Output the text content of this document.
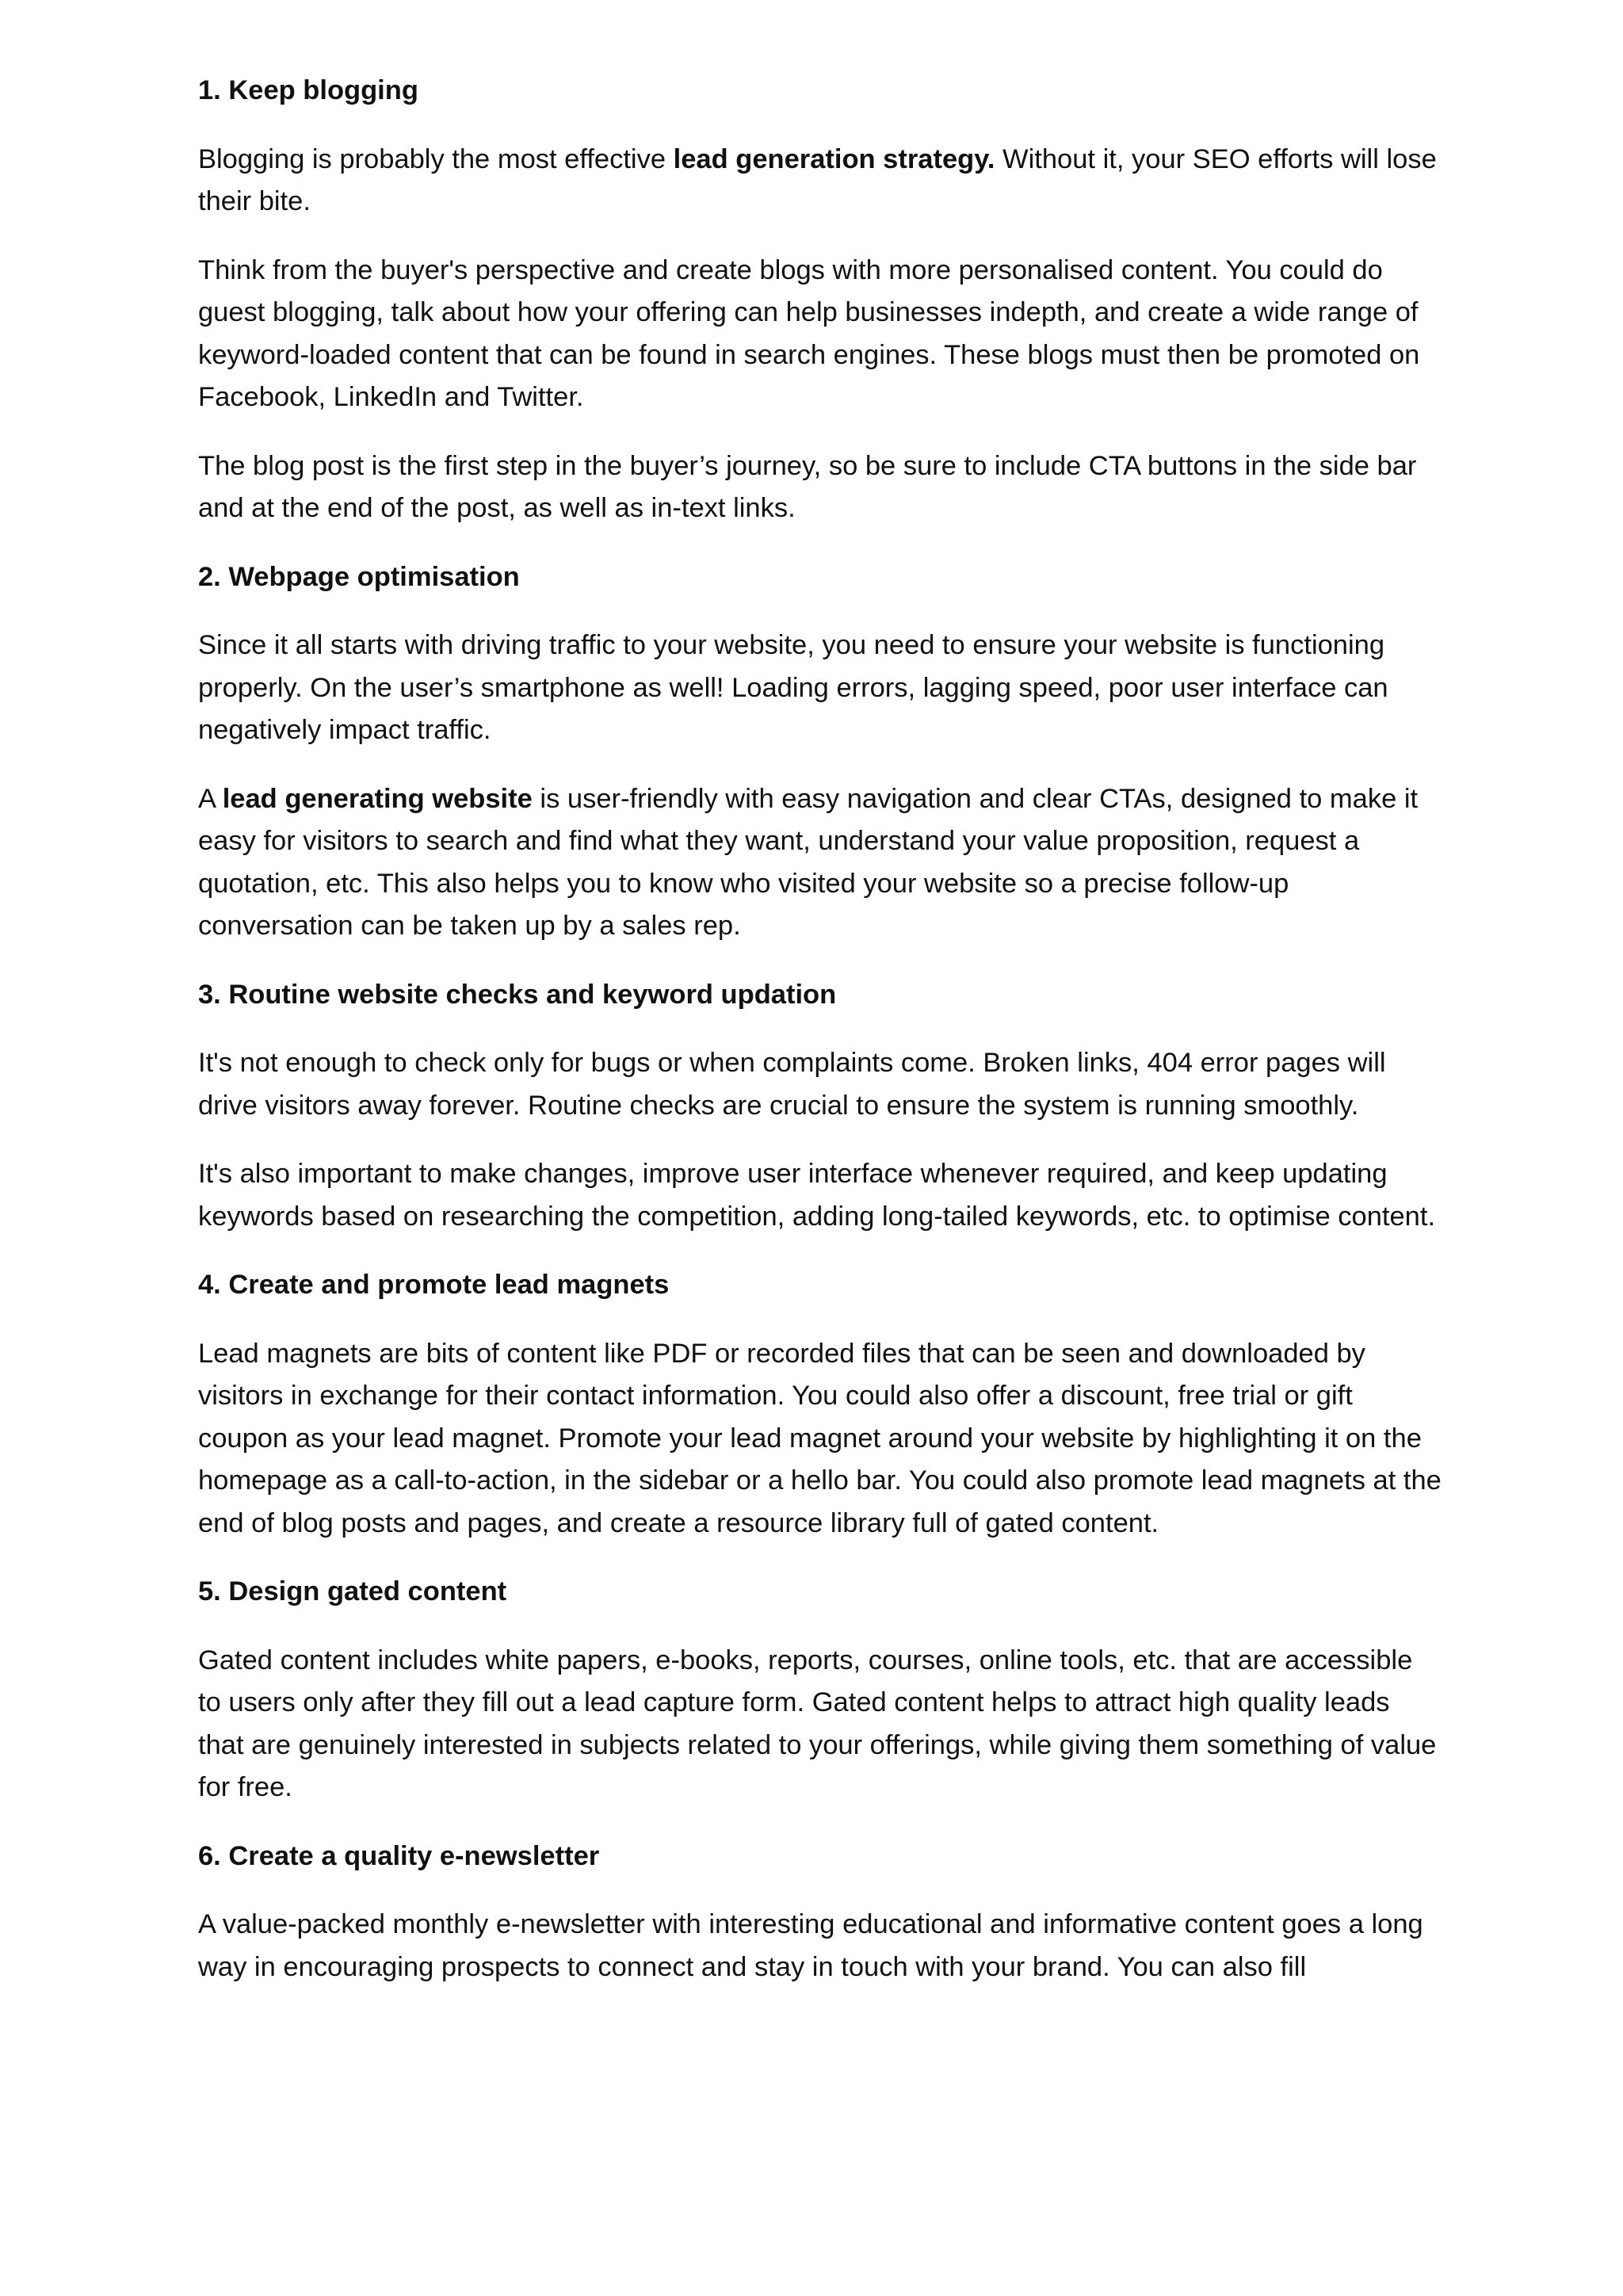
1. Keep blogging

Blogging is probably the most effective lead generation strategy. Without it, your SEO efforts will lose their bite.

Think from the buyer's perspective and create blogs with more personalised content. You could do guest blogging, talk about how your offering can help businesses indepth, and create a wide range of keyword-loaded content that can be found in search engines. These blogs must then be promoted on Facebook, LinkedIn and Twitter.

The blog post is the first step in the buyer’s journey, so be sure to include CTA buttons in the side bar and at the end of the post, as well as in-text links.

2. Webpage optimisation

Since it all starts with driving traffic to your website, you need to ensure your website is functioning properly. On the user’s smartphone as well! Loading errors, lagging speed, poor user interface can negatively impact traffic.

A lead generating website is user-friendly with easy navigation and clear CTAs, designed to make it easy for visitors to search and find what they want, understand your value proposition, request a quotation, etc. This also helps you to know who visited your website so a precise follow-up conversation can be taken up by a sales rep.

3. Routine website checks and keyword updation

It's not enough to check only for bugs or when complaints come. Broken links, 404 error pages will drive visitors away forever. Routine checks are crucial to ensure the system is running smoothly.

It's also important to make changes, improve user interface whenever required, and keep updating keywords based on researching the competition, adding long-tailed keywords, etc. to optimise content.

4. Create and promote lead magnets

Lead magnets are bits of content like PDF or recorded files that can be seen and downloaded by visitors in exchange for their contact information. You could also offer a discount, free trial or gift coupon as your lead magnet. Promote your lead magnet around your website by highlighting it on the homepage as a call-to-action, in the sidebar or a hello bar. You could also promote lead magnets at the end of blog posts and pages, and create a resource library full of gated content.

5. Design gated content

Gated content includes white papers, e-books, reports, courses, online tools, etc. that are accessible to users only after they fill out a lead capture form. Gated content helps to attract high quality leads that are genuinely interested in subjects related to your offerings, while giving them something of value for free.

6. Create a quality e-newsletter

A value-packed monthly e-newsletter with interesting educational and informative content goes a long way in encouraging prospects to connect and stay in touch with your brand. You can also fill
